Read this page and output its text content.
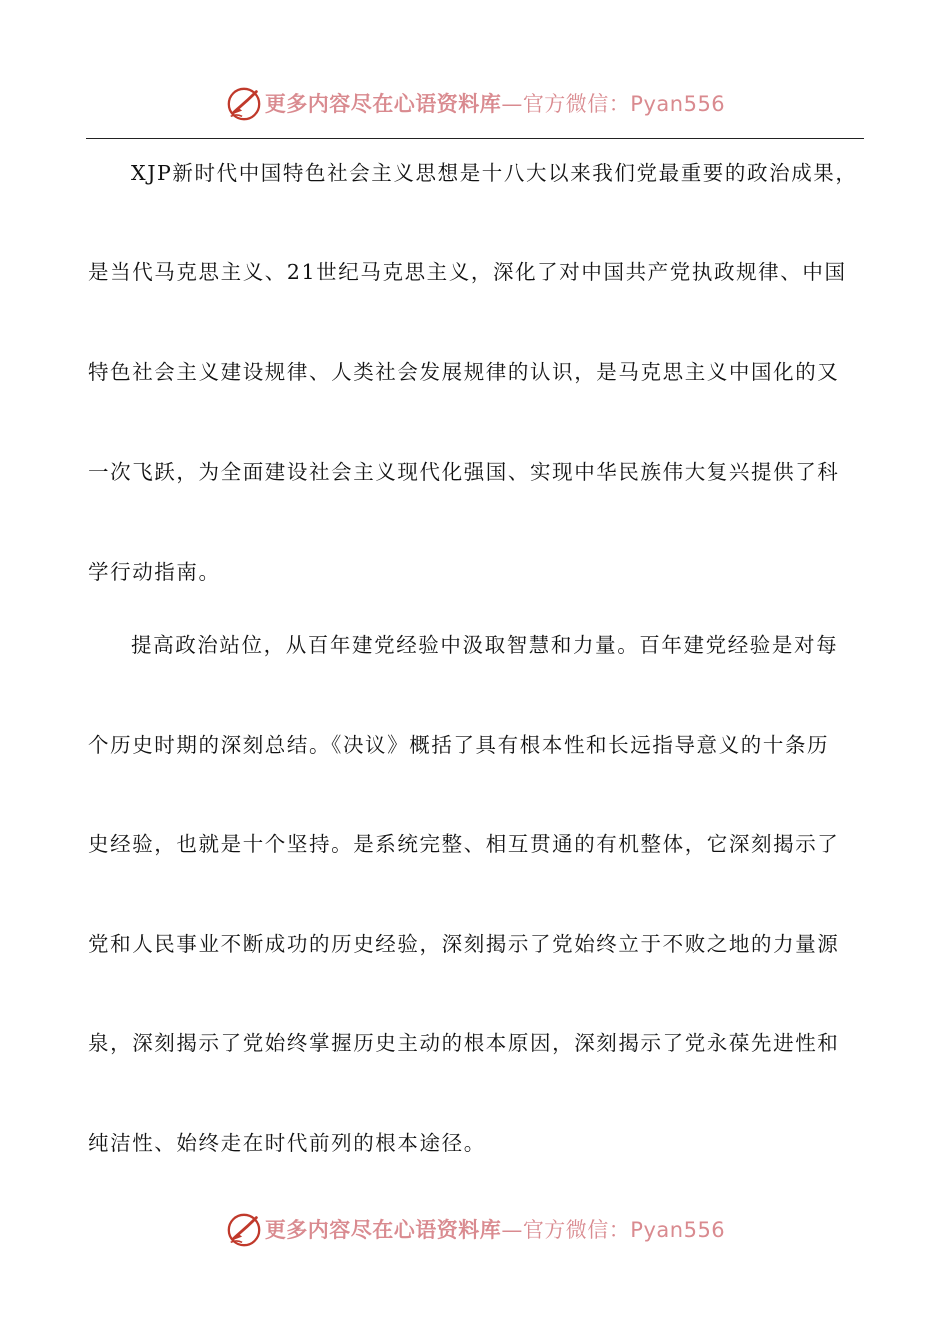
更多内容尽在心语资料库—官方微信：Pyan556
XJP新时代中国特色社会主义思想是十八大以来我们党最重要的政治成果，
是当代马克思主义、21世纪马克思主义，深化了对中国共产党执政规律、中国
特色社会主义建设规律、人类社会发展规律的认识，是马克思主义中国化的又
一次飞跃，为全面建设社会主义现代化强国、实现中华民族伟大复兴提供了科
学行动指南。
提高政治站位，从百年建党经验中汲取智慧和力量。百年建党经验是对每
个历史时期的深刻总结。《决议》概括了具有根本性和长远指导意义的十条历
史经验，也就是十个坚持。是系统完整、相互贯通的有机整体，它深刻揭示了
党和人民事业不断成功的历史经验，深刻揭示了党始终立于不败之地的力量源
泉，深刻揭示了党始终掌握历史主动的根本原因，深刻揭示了党永葆先进性和
纯洁性、始终走在时代前列的根本途径。
更多内容尽在心语资料库—官方微信：Pyan556
